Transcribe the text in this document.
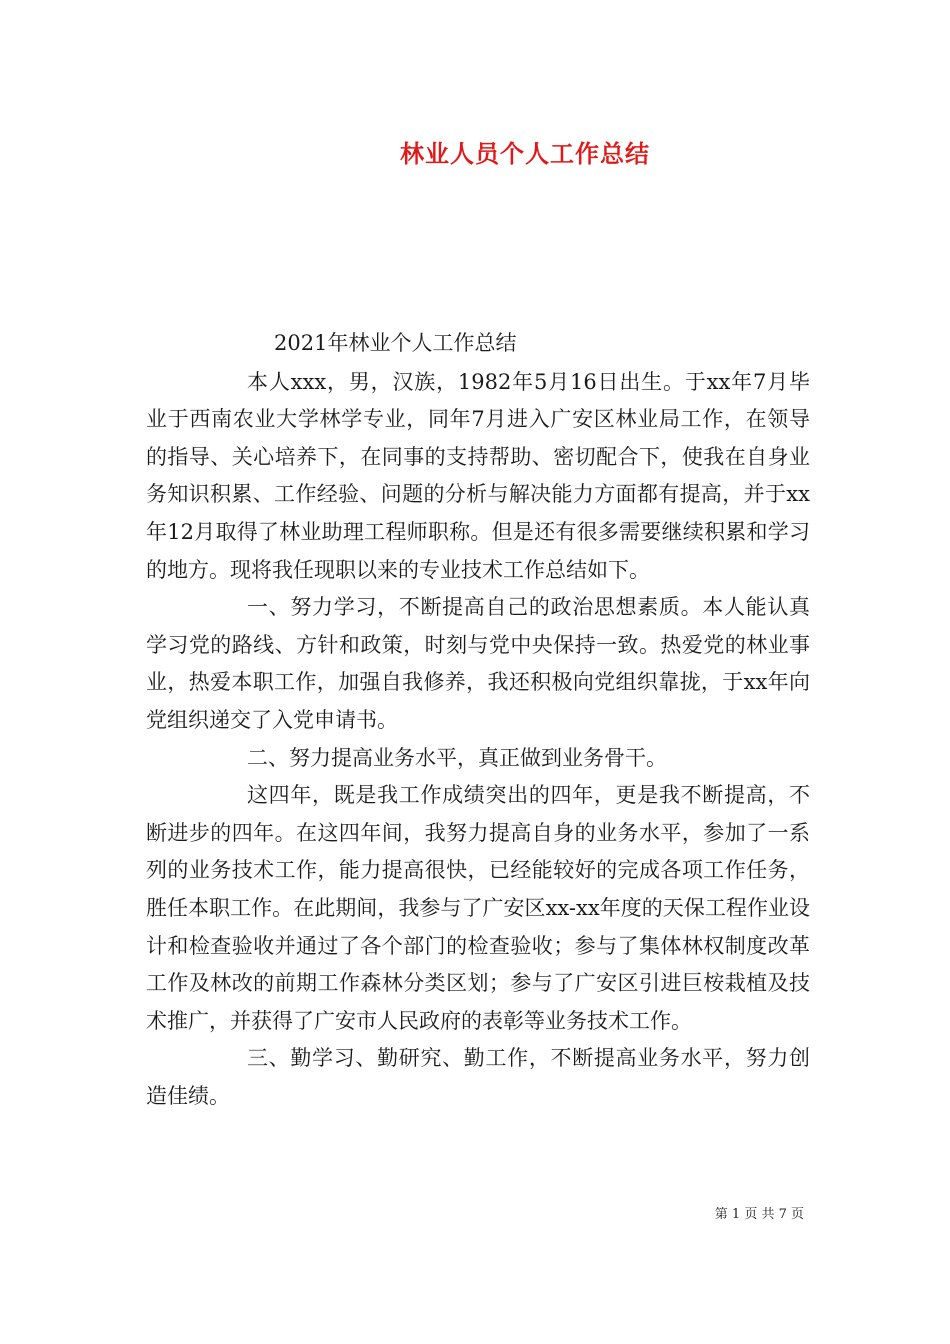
林业人员个人工作总结

2021年林业个人工作总结

本人xxx，男，汉族，1982年5月16日出生。于xx年7月毕业于西南农业大学林学专业，同年7月进入广安区林业局工作，在领导的指导、关心培养下，在同事的支持帮助、密切配合下，使我在自身业务知识积累、工作经验、问题的分析与解决能力方面都有提高，并于xx年12月取得了林业助理工程师职称。但是还有很多需要继续积累和学习的地方。现将我任现职以来的专业技术工作总结如下。

一、努力学习，不断提高自己的政治思想素质。本人能认真学习党的路线、方针和政策，时刻与党中央保持一致。热爱党的林业事业，热爱本职工作，加强自我修养，我还积极向党组织靠拢，于xx年向党组织递交了入党申请书。

二、努力提高业务水平，真正做到业务骨干。

这四年，既是我工作成绩突出的四年，更是我不断提高，不断进步的四年。在这四年间，我努力提高自身的业务水平，参加了一系列的业务技术工作，能力提高很快，已经能较好的完成各项工作任务，胜任本职工作。在此期间，我参与了广安区xx-xx年度的天保工程作业设计和检查验收并通过了各个部门的检查验收；参与了集体林权制度改革工作及林改的前期工作森林分类区划；参与了广安区引进巨桉栽植及技术推广，并获得了广安市人民政府的表彰等业务技术工作。

三、勤学习、勤研究、勤工作，不断提高业务水平，努力创造佳绩。

第 1 页 共 7 页
